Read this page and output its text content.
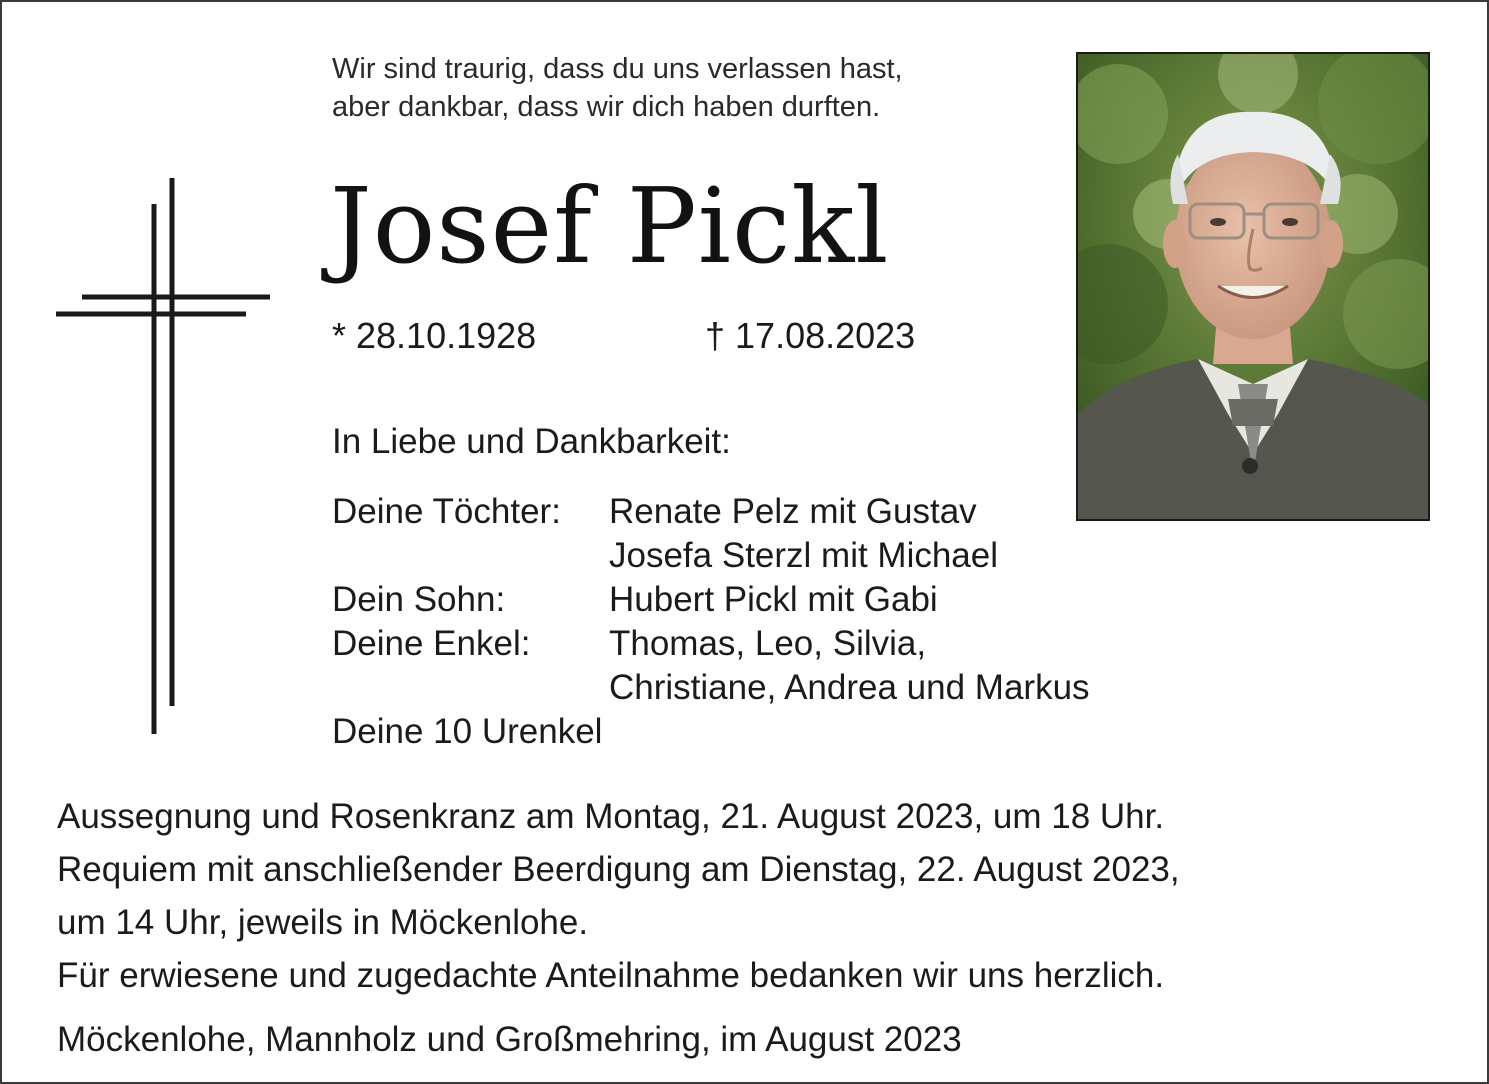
Wir sind traurig, dass du uns verlassen hast,
aber dankbar, dass wir dich haben durften.
Josef Pickl
* 28.10.1928	† 17.08.2023
In Liebe und Dankbarkeit:
Deine Töchter:	Renate Pelz mit Gustav
Josefa Sterzl mit Michael
Dein Sohn:	Hubert Pickl mit Gabi
Deine Enkel:	Thomas, Leo, Silvia,
Christiane, Andrea und Markus
Deine 10 Urenkel
Aussegnung und Rosenkranz am Montag, 21. August 2023, um 18 Uhr.
Requiem mit anschließender Beerdigung am Dienstag, 22. August 2023,
um 14 Uhr, jeweils in Möckenlohe.
Für erwiesene und zugedachte Anteilnahme bedanken wir uns herzlich.
Möckenlohe, Mannholz und Großmehring, im August 2023
